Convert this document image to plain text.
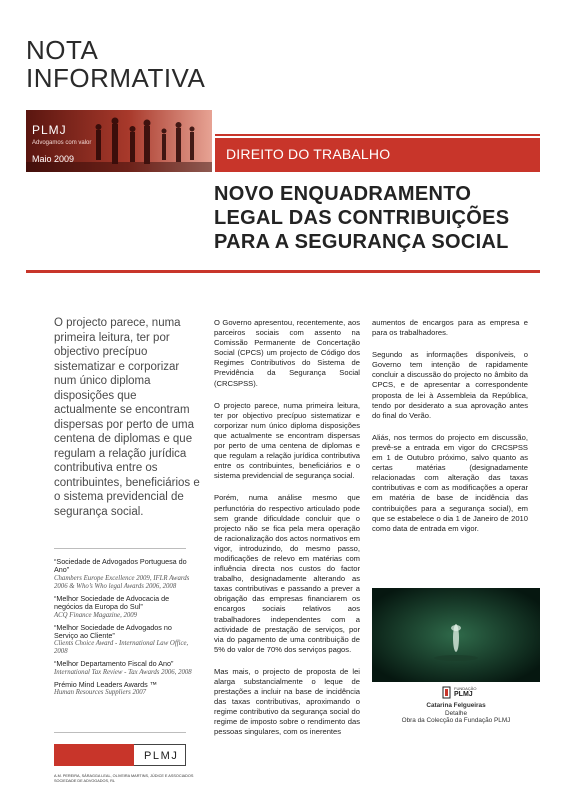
NOTA
INFORMATIVA
PLMJ
Advogamos com valor
Maio 2009	DIREITO DO TRABALHO
NOVO ENQUADRAMENTO
LEGAL DAS CONTRIBUIÇÕES
PARA A SEGURANÇA SOCIAL
O projecto parece, numa primeira leitura, ter por objectivo precípuo sistematizar e corporizar num único diploma disposições que actualmente se encontram dispersas por perto de uma centena de diplomas e que regulam a relação jurídica contributiva entre os contribuintes, beneficiários e o sistema previdencial de segurança social.

O Governo apresentou, recentemente, aos parceiros sociais com assento na Comissão Permanente de Concertação Social (CPCS) um projecto de Código dos Regimes Contributivos do Sistema de Previdência da Segurança Social (CRCSPSS).

O projecto parece, numa primeira leitura, ter por objectivo precípuo sistematizar e corporizar num único diploma disposições que actualmente se encontram dispersas por perto de uma centena de diplomas e que regulam a relação jurídica contributiva entre os contribuintes, beneficiários e o sistema previdencial de segurança social.

Porém, numa análise mesmo que perfunctória do respectivo articulado pode sem grande dificuldade concluir que o projecto não se fica pela mera operação de racionalização dos actos normativos em vigor, introduzindo, do mesmo passo, modificações de relevo em matérias com influência directa nos custos do factor trabalho, designadamente alterando as taxas contributivas e passando a prever a obrigação das empresas financiarem os encargos sociais relativos aos trabalhadores independentes com a actividade de prestação de serviços, por via do pagamento de uma contribuição de 5% do valor de 70% dos serviços pagos.

Mas mais, o projecto de proposta de lei alarga substancialmente o leque de prestações a incluir na base de incidência das taxas contributivas, aproximando o regime contributivo da segurança social do regime de imposto sobre o rendimento das pessoas singulares, com os inerentes

aumentos de encargos para as empresa e para os trabalhadores.

Segundo as informações disponíveis, o Governo tem intenção de rapidamente concluir a discussão do projecto no âmbito da CPCS, e de apresentar a correspondente proposta de lei à Assembleia da República, tendo por desiderato a sua aprovação antes do final do Verão.

Aliás, nos termos do projecto em discussão, prevê-se a entrada em vigor do CRCSPSS em 1 de Outubro próximo, salvo quanto as certas matérias (designadamente relacionadas com alteração das taxas contributivas e com as modificações a operar em matéria de base de incidência das contribuições para a segurança social), em que se estabelece o dia 1 de Janeiro de 2010 como data de entrada em vigor.

“Sociedade de Advogados Portuguesa do Ano”
Chambers Europe Excellence 2009, IFLR Awards 2006 & Who’s Who legal Awards 2006, 2008
“Melhor Sociedade de Advocacia de negócios da Europa do Sul”
ACQ Finance Magazine, 2009
“Melhor Sociedade de Advogados no Serviço ao Cliente”
Clients Choice Award - International Law Office, 2008
“Melhor Departamento Fiscal do Ano”
International Tax Review - Tax Awards 2006, 2008
Prémio Mind Leaders Awards ™
Human Resources Suppliers 2007
FUNDAÇÃO
PLMJ
Catarina Felgueiras
Detalhe
Obra da Colecção da Fundação PLMJ
PLMJ
A.M. PEREIRA, SÁRAGGA LEAL, OLIVEIRA MARTINS, JÚDICE E ASSOCIADOS
SOCIEDADE DE ADVOGADOS, RL
